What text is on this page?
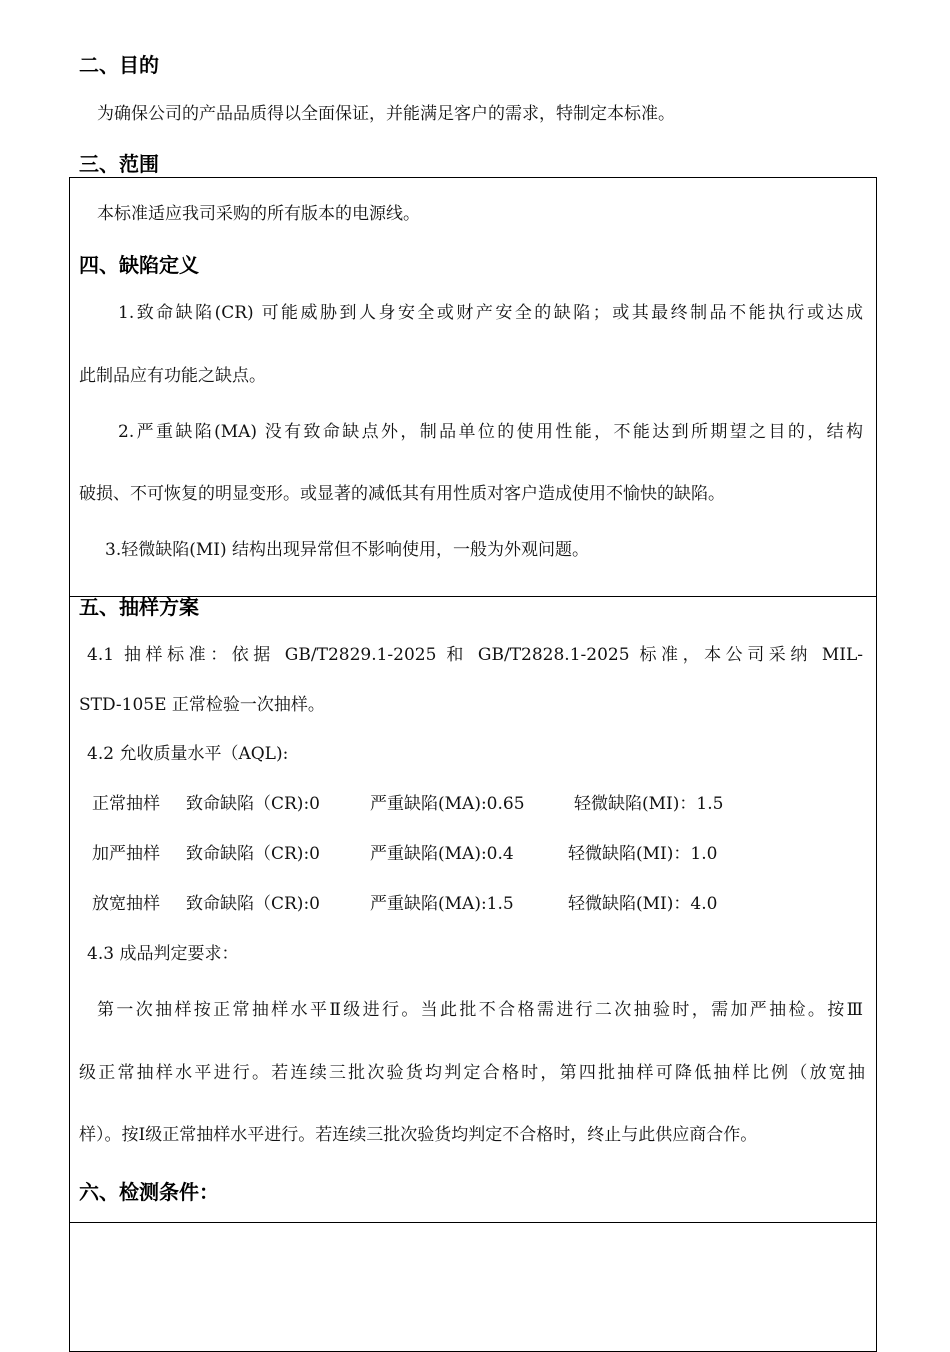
二、目的
为确保公司的产品品质得以全面保证，并能满足客户的需求，特制定本标准。
三、范围
本标准适应我司采购的所有版本的电源线。
四、缺陷定义
1.致命缺陷(CR) 可能威胁到人身安全或财产安全的缺陷；或其最终制品不能执行或达成
此制品应有功能之缺点。
2.严重缺陷(MA) 没有致命缺点外，制品单位的使用性能，不能达到所期望之目的，结构
破损、不可恢复的明显变形。或显著的减低其有用性质对客户造成使用不愉快的缺陷。
3.轻微缺陷(MI) 结构出现异常但不影响使用，一般为外观问题。
五、抽样方案
4.1 抽样标准：依据 GB/T2829.1-2025 和 GB/T2828.1-2025 标准，本公司采纳 MIL-
STD-105E 正常检验一次抽样。
4.2 允收质量水平（AQL):
正常抽样 致命缺陷（CR):0	严重缺陷(MA):0.65	轻微缺陷(MI)：1.5
加严抽样 致命缺陷（CR):0	严重缺陷(MA):0.4	轻微缺陷(MI)：1.0
放宽抽样 致命缺陷（CR):0	严重缺陷(MA):1.5	轻微缺陷(MI)：4.0
4.3 成品判定要求：
第一次抽样按正常抽样水平Ⅱ级进行。当此批不合格需进行二次抽验时，需加严抽检。按Ⅲ
级正常抽样水平进行。若连续三批次验货均判定合格时，第四批抽样可降低抽样比例（放宽抽
样）。按Ⅰ级正常抽样水平进行。若连续三批次验货均判定不合格时，终止与此供应商合作。
六、检测条件：
